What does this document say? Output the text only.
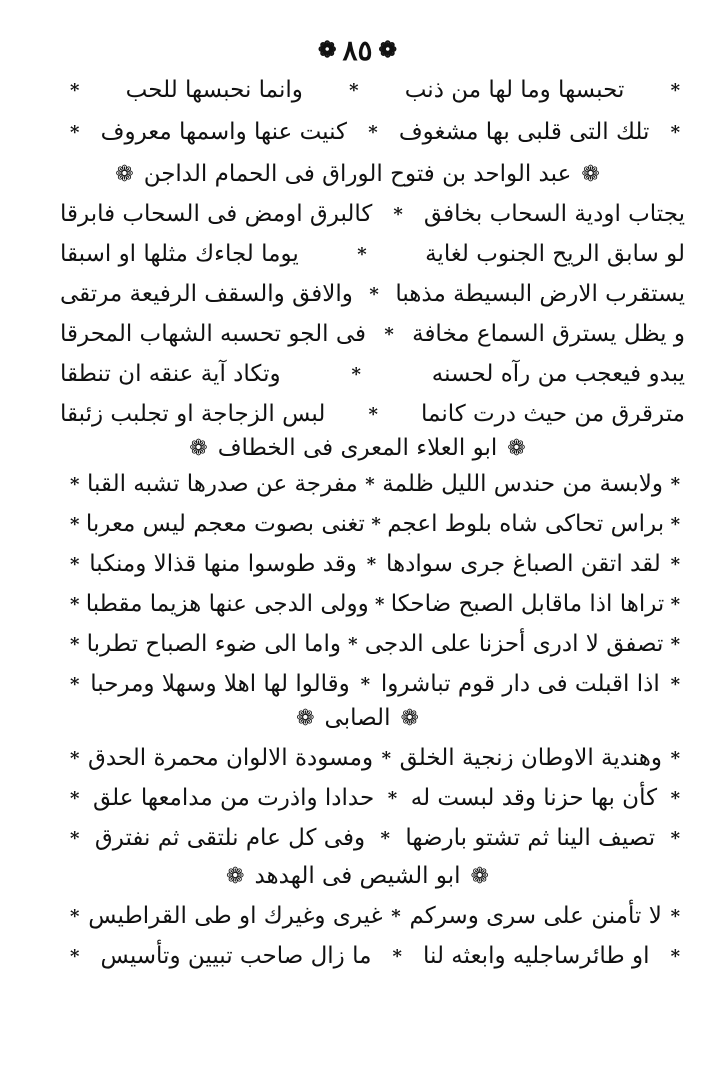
❁ ٨٥ ❁
*
تحبسها وما لها من ذنب
*
وانما نحبسها للحب
*
*
تلك التى قلبى بها مشغوف
*
كنيت عنها واسمها معروف
*
❁
عبد الواحد بن فتوح الوراق فى الحمام الداجن
❁
يجتاب اودية السحاب بخافق
*
كالبرق اومض فى السحاب فابرقا
لو سابق الريح الجنوب لغاية
*
يوما لجاءك مثلها او اسبقا
يستقرب الارض البسيطة مذهبا
*
والافق والسقف الرفيعة مرتقى
و يظل يسترق السماع مخافة
*
فى الجو تحسبه الشهاب المحرقا
يبدو فيعجب من رآه لحسنه
*
وتكاد آية عنقه ان تنطقا
مترقرق من حيث درت كانما
*
لبس الزجاجة او تجلبب زئبقا
❁
ابو العلاء المعرى فى الخطاف
❁
*
ولابسة من حندس الليل ظلمة
*
مفرجة عن صدرها تشبه القبا
*
*
براس تحاكى شاه بلوط اعجم
*
تغنى بصوت معجم ليس معربا
*
*
لقد اتقن الصباغ جرى سوادها
*
وقد طوسوا منها قذالا ومنكبا
*
*
تراها اذا ماقابل الصبح ضاحكا
*
وولى الدجى عنها هزيما مقطبا
*
*
تصفق لا ادرى أحزنا على الدجى
*
واما الى ضوء الصباح تطربا
*
*
اذا اقبلت فى دار قوم تباشروا
*
وقالوا لها اهلا وسهلا ومرحبا
*
❁
الصابى
❁
*
وهندية الاوطان زنجية الخلق
*
ومسودة الالوان محمرة الحدق
*
*
كأن بها حزنا وقد لبست له
*
حدادا واذرت من مدامعها علق
*
*
تصيف الينا ثم تشتو بارضها
*
وفى كل عام نلتقى ثم نفترق
*
❁
ابو الشيص فى الهدهد
❁
*
لا تأمنن على سرى وسركم
*
غيرى وغيرك او طى القراطيس
*
*
او طائرساجليه وابعثه لنا
*
ما زال صاحب تبيين وتأسيس
*
